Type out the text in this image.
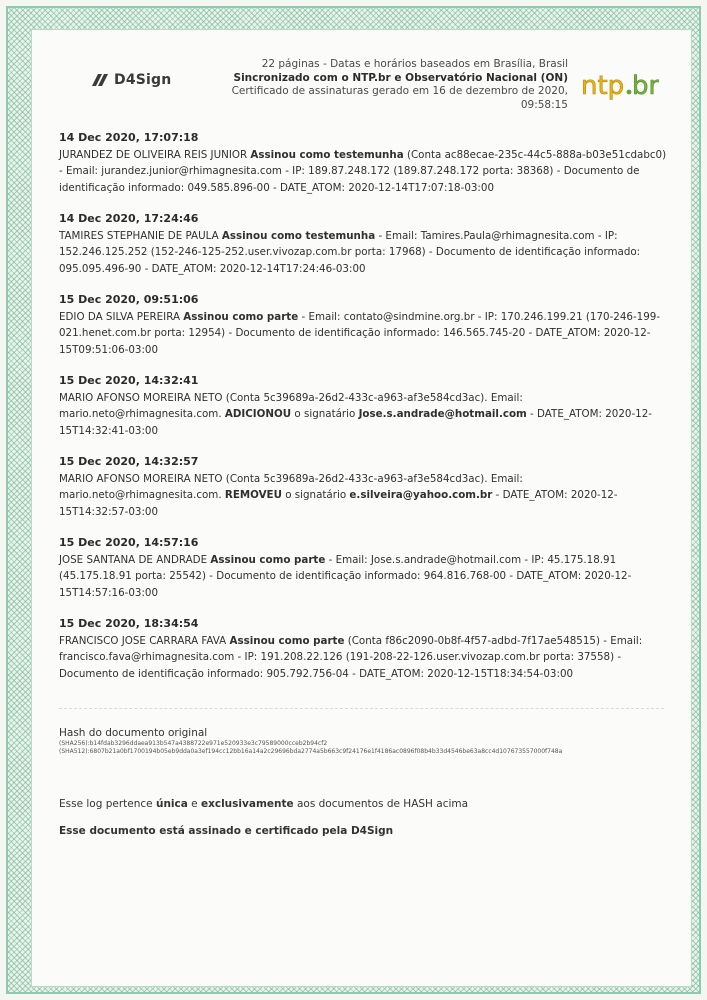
D4Sign
22 páginas - Datas e horários baseados em Brasília, Brasil
Sincronizado com o NTP.br e Observatório Nacional (ON)
Certificado de assinaturas gerado em 16 de dezembro de 2020,
09:58:15
ntp br
14 Dec 2020, 17:07:18
JURANDEZ DE OLIVEIRA REIS JUNIOR Assinou como testemunha (Conta ac88ecae-235c-44c5-888a-b03e51cdabc0) - Email: jurandez.junior@rhimagnesita.com - IP: 189.87.248.172 (189.87.248.172 porta: 38368) - Documento de identificação informado: 049.585.896-00 - DATE_ATOM: 2020-12-14T17:07:18-03:00
14 Dec 2020, 17:24:46
TAMIRES STEPHANIE DE PAULA Assinou como testemunha - Email: Tamires.Paula@rhimagnesita.com - IP: 152.246.125.252 (152-246-125-252.user.vivozap.com.br porta: 17968) - Documento de identificação informado: 095.095.496-90 - DATE_ATOM: 2020-12-14T17:24:46-03:00
15 Dec 2020, 09:51:06
EDIO DA SILVA PEREIRA Assinou como parte - Email: contato@sindmine.org.br - IP: 170.246.199.21 (170-246-199-021.henet.com.br porta: 12954) - Documento de identificação informado: 146.565.745-20 - DATE_ATOM: 2020-12-15T09:51:06-03:00
15 Dec 2020, 14:32:41
MARIO AFONSO MOREIRA NETO (Conta 5c39689a-26d2-433c-a963-af3e584cd3ac). Email: mario.neto@rhimagnesita.com. ADICIONOU o signatário Jose.s.andrade@hotmail.com - DATE_ATOM: 2020-12-15T14:32:41-03:00
15 Dec 2020, 14:32:57
MARIO AFONSO MOREIRA NETO (Conta 5c39689a-26d2-433c-a963-af3e584cd3ac). Email: mario.neto@rhimagnesita.com. REMOVEU o signatário e.silveira@yahoo.com.br - DATE_ATOM: 2020-12-15T14:32:57-03:00
15 Dec 2020, 14:57:16
JOSE SANTANA DE ANDRADE Assinou como parte - Email: Jose.s.andrade@hotmail.com - IP: 45.175.18.91 (45.175.18.91 porta: 25542) - Documento de identificação informado: 964.816.768-00 - DATE_ATOM: 2020-12-15T14:57:16-03:00
15 Dec 2020, 18:34:54
FRANCISCO JOSE CARRARA FAVA Assinou como parte (Conta f86c2090-0b8f-4f57-adbd-7f17ae548515) - Email: francisco.fava@rhimagnesita.com - IP: 191.208.22.126 (191-208-22-126.user.vivozap.com.br porta: 37558) - Documento de identificação informado: 905.792.756-04 - DATE_ATOM: 2020-12-15T18:34:54-03:00
Hash do documento original
(SHA256):b14fdab3296ddaea913b547a4388722e971e520933e3c79589000cceb2b94cf2
(SHA512):6807b21a0bf1700194b05eb9dda0a3ef194cc12bb16a14a2c29696bda2774a5b663c9f24176e1f4186ac0896f08b4b33d4546be63a8cc4d107673557000f748a
Esse log pertence única e exclusivamente aos documentos de HASH acima
Esse documento está assinado e certificado pela D4Sign
